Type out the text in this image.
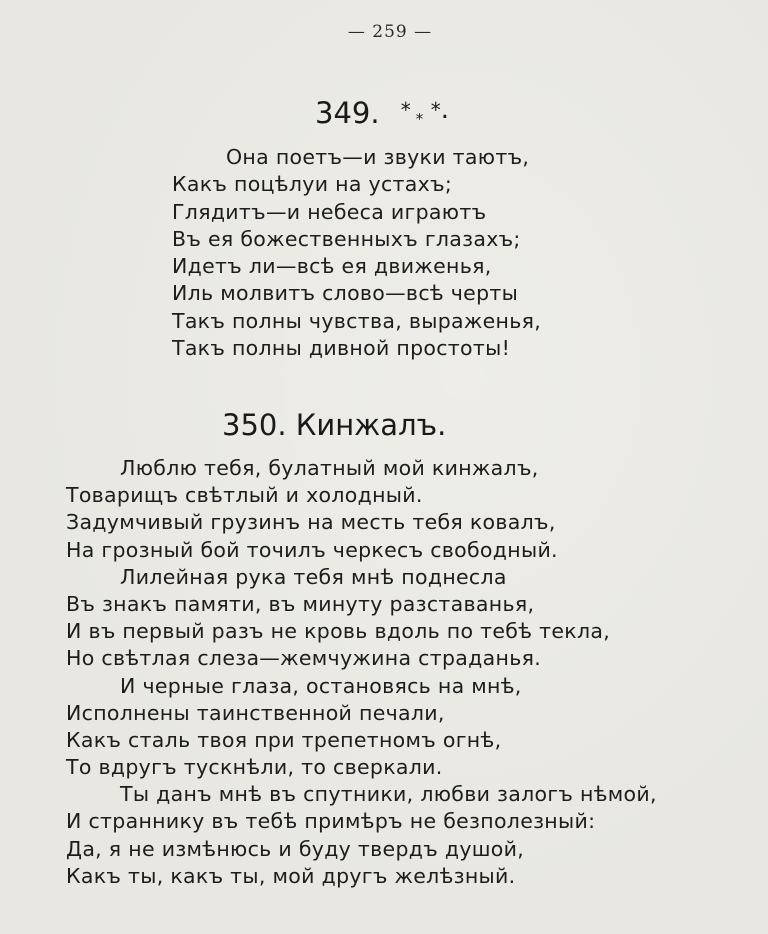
— 259 —
349. * * * .
Она поетъ—и звуки таютъ,
Какъ поцѣлуи на устахъ;
Глядитъ—и небеса играютъ
Въ ея божественныхъ глазахъ;
Идетъ ли—всѣ ея движенья,
Иль молвитъ слово—всѣ черты
Такъ полны чувства, выраженья,
Такъ полны дивной простоты!
350. Кинжалъ.
Люблю тебя, булатный мой кинжалъ,
Товарищъ свѣтлый и холодный.
Задумчивый грузинъ на месть тебя ковалъ,
На грозный бой точилъ черкесъ свободный.
Лилейная рука тебя мнѣ поднесла
Въ знакъ памяти, въ минуту разставанья,
И въ первый разъ не кровь вдоль по тебѣ текла,
Но свѣтлая слеза—жемчужина страданья.
И черные глаза, остановясь на мнѣ,
Исполнены таинственной печали,
Какъ сталь твоя при трепетномъ огнѣ,
То вдругъ тускнѣли, то сверкали.
Ты данъ мнѣ въ спутники, любви залогъ нѣмой,
И страннику въ тебѣ примѣръ не безполезный:
Да, я не измѣнюсь и буду твердъ душой,
Какъ ты, какъ ты, мой другъ желѣзный.
